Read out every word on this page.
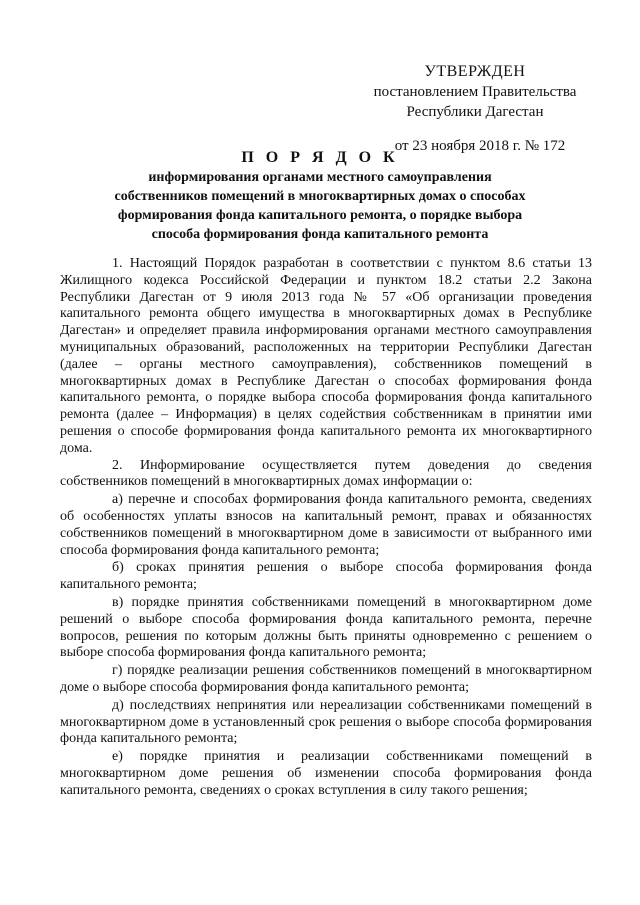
УТВЕРЖДЕН
постановлением Правительства
Республики Дагестан
от 23 ноября 2018 г. № 172
П О Р Я Д О К
информирования органами местного самоуправления
собственников помещений в многоквартирных домах о способах
формирования фонда капитального ремонта, о порядке выбора
способа формирования фонда капитального ремонта

1. Настоящий Порядок разработан в соответствии с пунктом 8.6 статьи 13 Жилищного кодекса Российской Федерации и пунктом 18.2 статьи 2.2 Закона Республики Дагестан от 9 июля 2013 года № 57 «Об организации проведения капитального ремонта общего имущества в многоквартирных домах в Республике Дагестан» и определяет правила информирования органами местного самоуправления муниципальных образований, расположенных на территории Республики Дагестан (далее – органы местного самоуправления), собственников помещений в многоквартирных домах в Республике Дагестан о способах формирования фонда капитального ремонта, о порядке выбора способа формирования фонда капитального ремонта (далее – Информация) в целях содействия собственникам в принятии ими решения о способе формирования фонда капитального ремонта их многоквартирного дома.

2. Информирование осуществляется путем доведения до сведения собственников помещений в многоквартирных домах информации о:

а) перечне и способах формирования фонда капитального ремонта, сведениях об особенностях уплаты взносов на капитальный ремонт, правах и обязанностях собственников помещений в многоквартирном доме в зависимости от выбранного ими способа формирования фонда капитального ремонта;

б) сроках принятия решения о выборе способа формирования фонда капитального ремонта;

в) порядке принятия собственниками помещений в многоквартирном доме решений о выборе способа формирования фонда капитального ремонта, перечне вопросов, решения по которым должны быть приняты одновременно с решением о выборе способа формирования фонда капитального ремонта;

г) порядке реализации решения собственников помещений в многоквартирном доме о выборе способа формирования фонда капитального ремонта;

д) последствиях непринятия или нереализации собственниками помещений в многоквартирном доме в установленный срок решения о выборе способа формирования фонда капитального ремонта;

е) порядке принятия и реализации собственниками помещений в многоквартирном доме решения об изменении способа формирования фонда капитального ремонта, сведениях о сроках вступления в силу такого решения;
